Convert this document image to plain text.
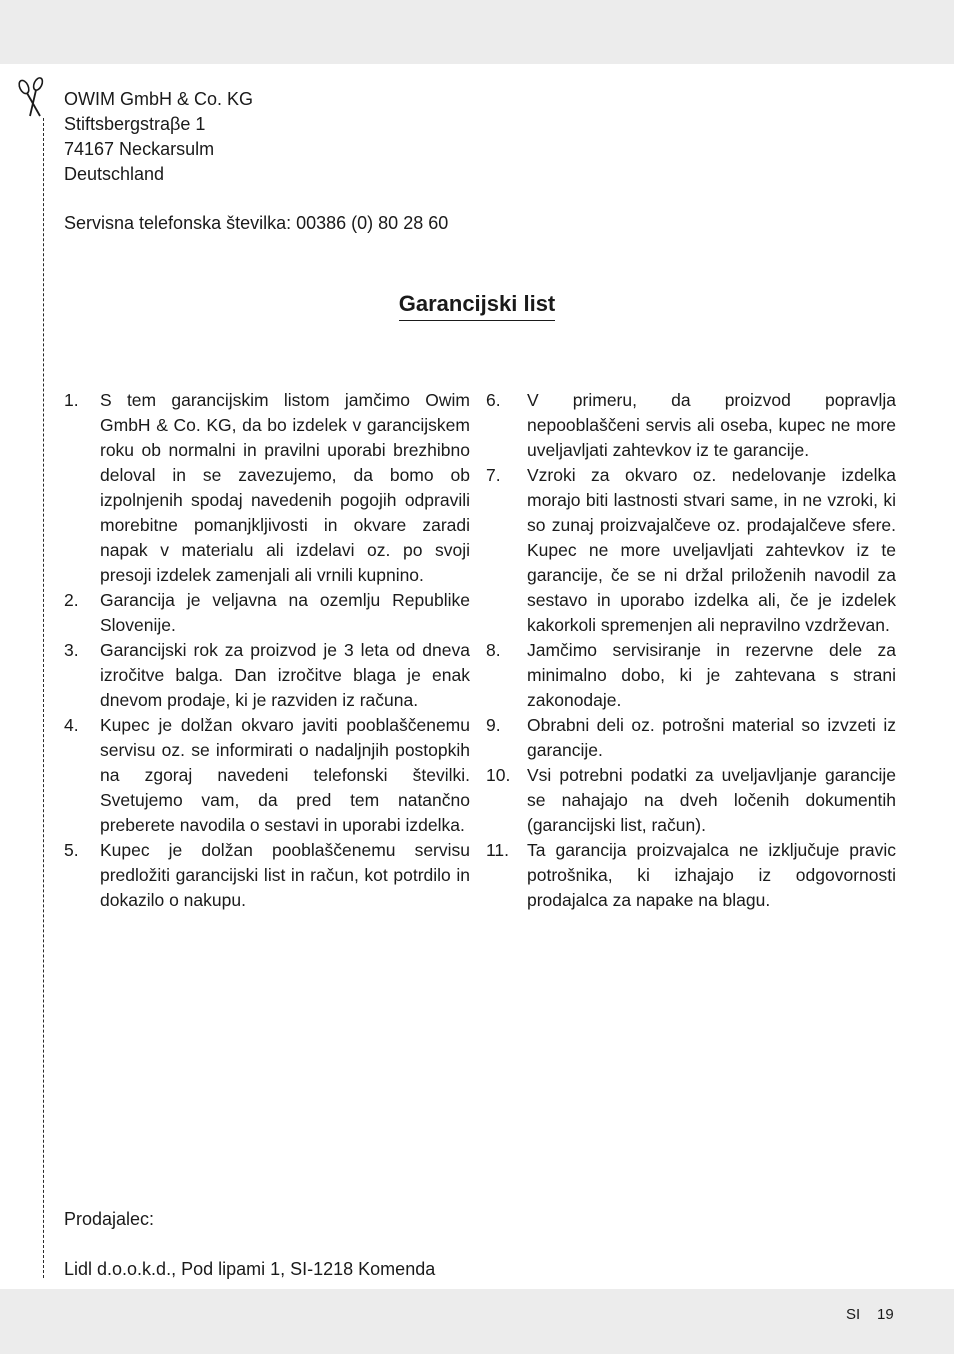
OWIM GmbH & Co. KG
Stiftsbergstraβe 1
74167 Neckarsulm
Deutschland
Servisna telefonska številka: 00386 (0) 80 28 60
Garancijski list
1.	S tem garancijskim listom jamčimo Owim GmbH & Co. KG, da bo izdelek v garancijskem roku ob normalni in pravilni uporabi brezhibno deloval in se zavezujemo, da bomo ob izpolnjenih spodaj navedenih pogojih odpravili morebitne pomanjkljivosti in okvare zaradi napak v materialu ali izdelavi oz. po svoji presoji izdelek zamenjali ali vrnili kupnino.
2.	Garancija je veljavna na ozemlju Republike Slovenije.
3.	Garancijski rok za proizvod je 3 leta od dneva izročitve balga. Dan izročitve blaga je enak dnevom prodaje, ki je razviden iz računa.
4.	Kupec je dolžan okvaro javiti pooblaščenemu servisu oz. se informirati o nadaljnjih postopkih na zgoraj navedeni telefonski številki. Svetujemo vam, da pred tem natančno preberete navodila o sestavi in uporabi izdelka.
5.	Kupec je dolžan pooblaščenemu servisu predložiti garancijski list in račun, kot potrdilo in dokazilo o nakupu.
6.	V primeru, da proizvod popravlja nepooblaščeni servis ali oseba, kupec ne more uveljavljati zahtevkov iz te garancije.
7.	Vzroki za okvaro oz. nedelovanje izdelka morajo biti lastnosti stvari same, in ne vzroki, ki so zunaj proizvajalčeve oz. prodajalčeve sfere. Kupec ne more uveljavljati zahtevkov iz te garancije, če se ni držal priloženih navodil za sestavo in uporabo izdelka ali, če je izdelek kakorkoli spremenjen ali nepravilno vzdrževan.
8.	Jamčimo servisiranje in rezervne dele za minimalno dobo, ki je zahtevana s strani zakonodaje.
9.	Obrabni deli oz. potrošni material so izvzeti iz garancije.
10. Vsi potrebni podatki za uveljavljanje garancije se nahajajo na dveh ločenih dokumentih (garancijski list, račun).
11.	Ta garancija proizvajalca ne izključuje pravic potrošnika, ki izhajajo iz odgovornosti prodajalca za napake na blagu.
Prodajalec:
Lidl d.o.o.k.d., Pod lipami 1, SI-1218 Komenda
SI 19
